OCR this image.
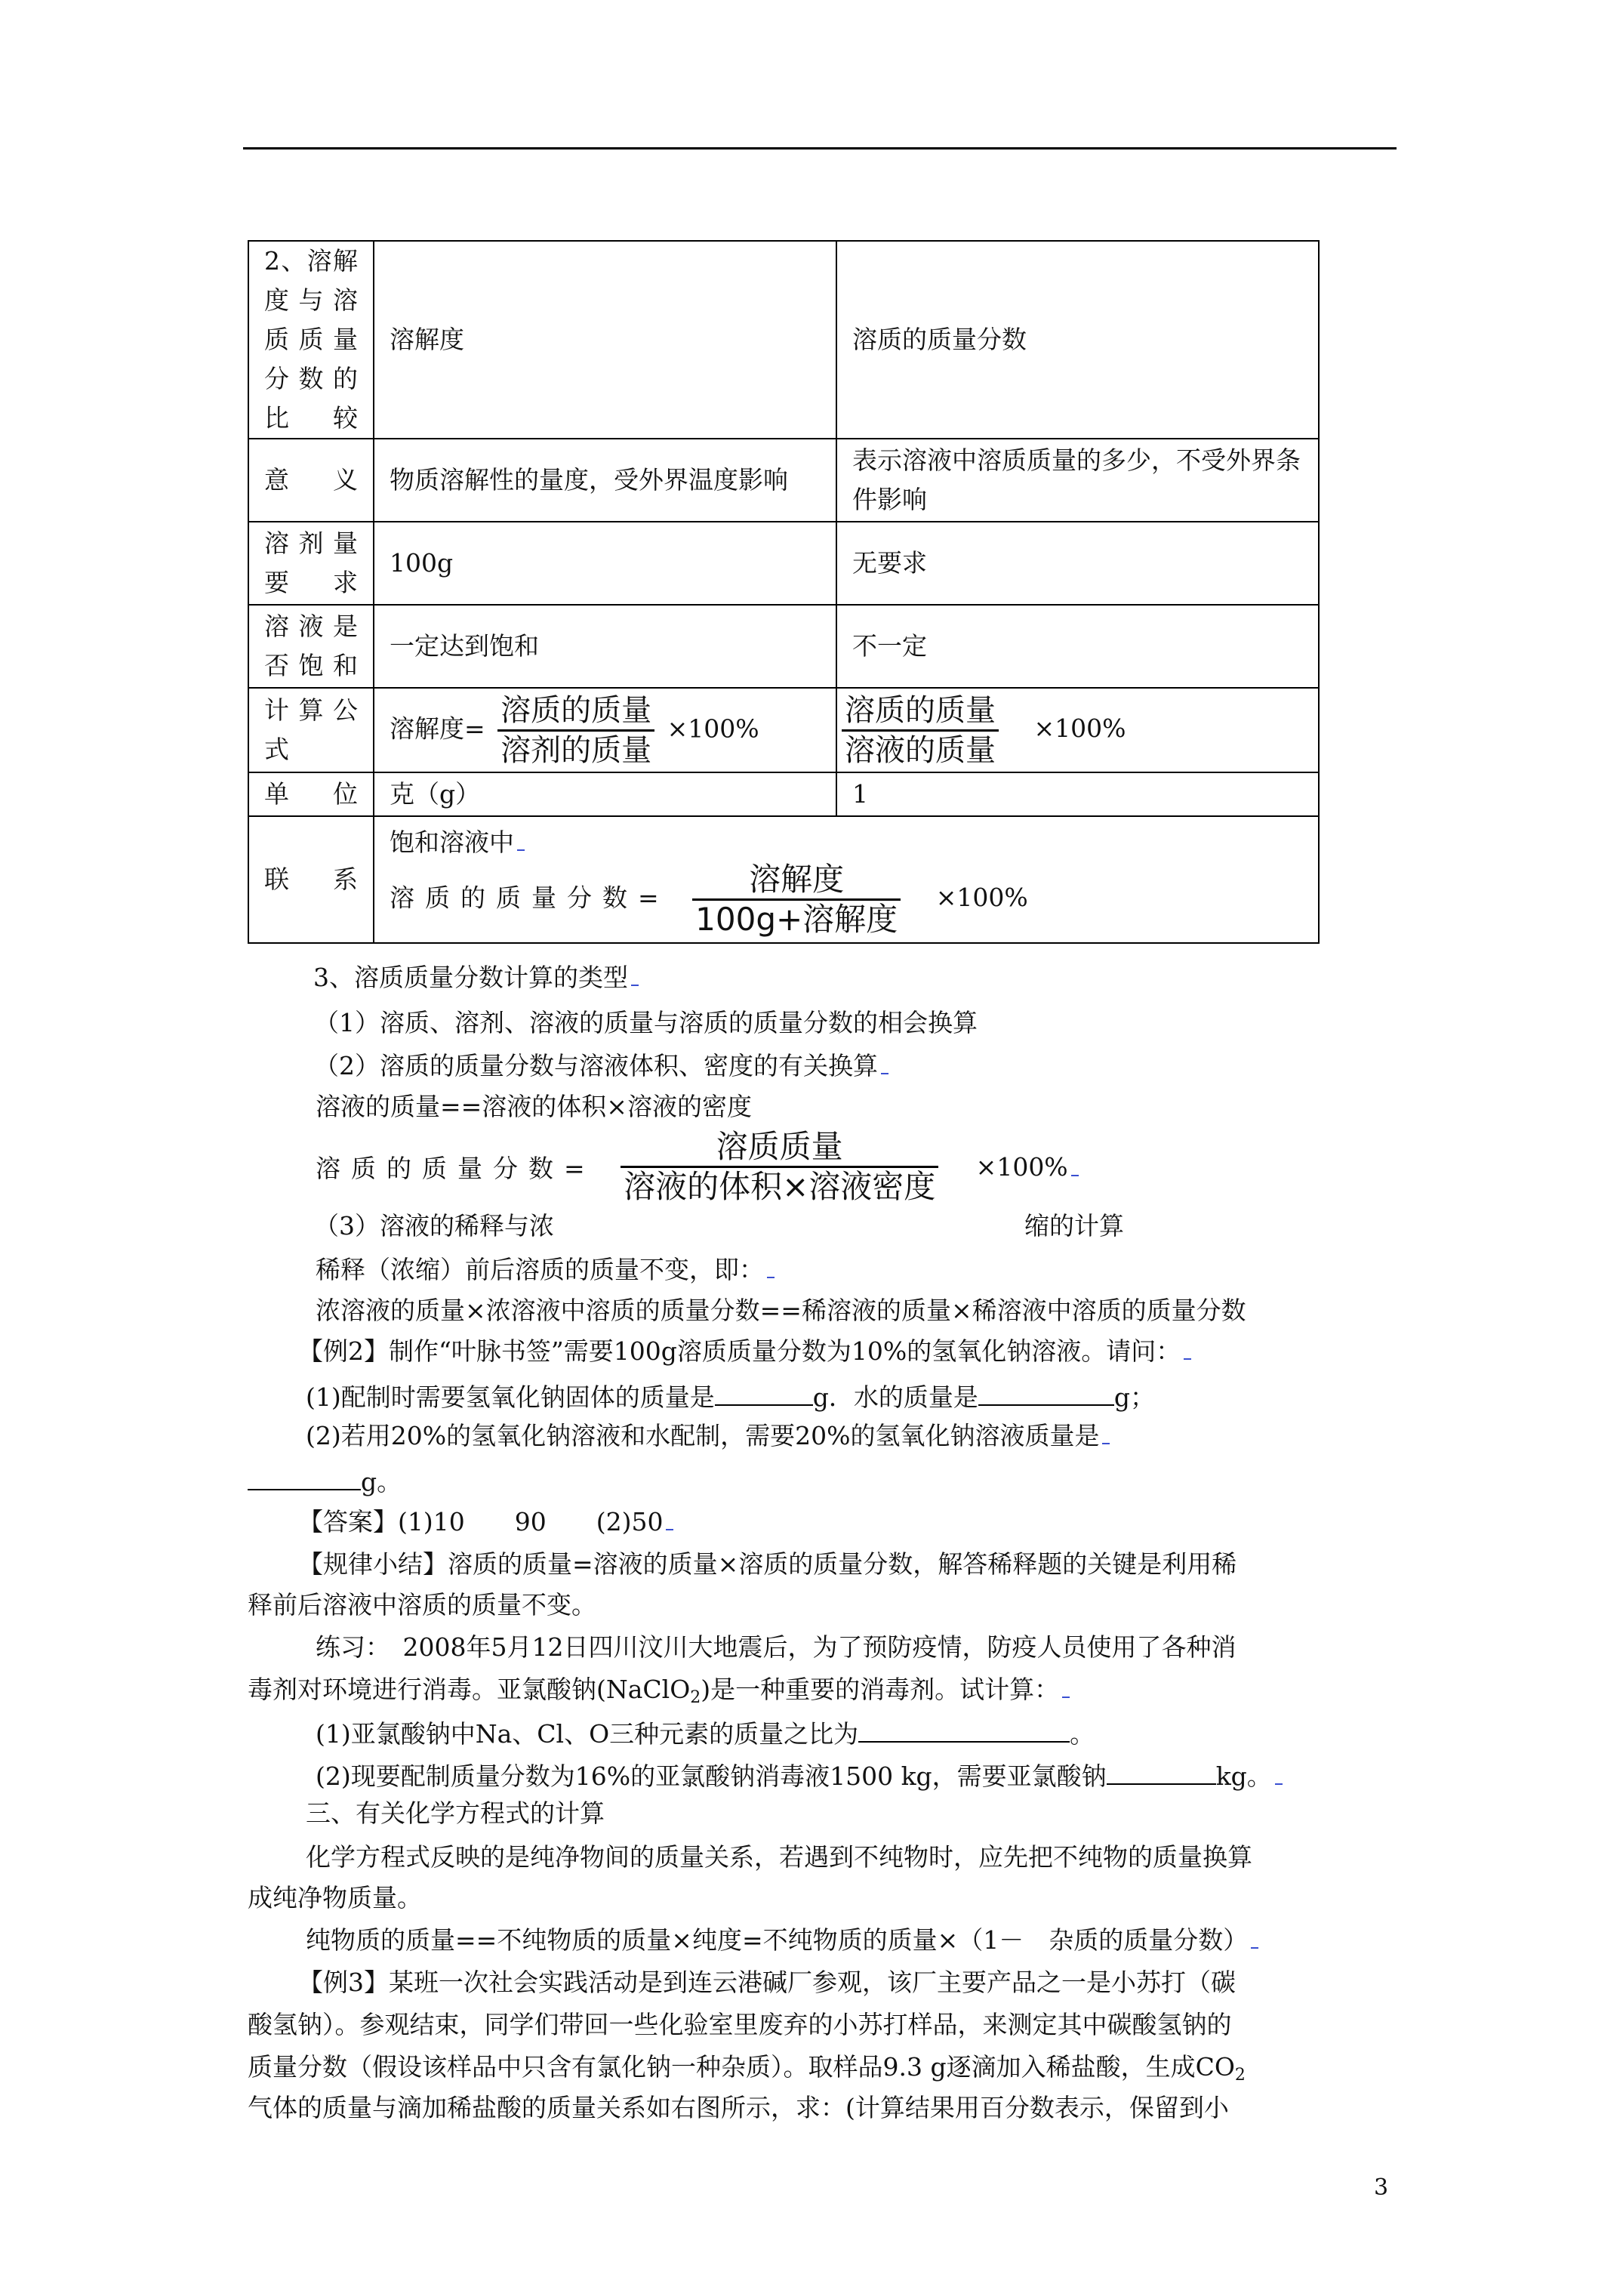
2、溶解度与溶质质量分数的比较	溶解度	溶质的质量分数
意义	物质溶解性的量度，受外界温度影响	表示溶液中溶质质量的多少，不受外界条件影响
溶剂量要求	100g	无要求
溶液是否饱和	一定达到饱和	不一定
计算公式	溶解度= $\frac{\text{溶质的质量}}{\text{溶剂的质量}} \times 100\%$	$\frac{\text{溶质的质量}}{\text{溶液的质量}} \times 100\%$
单位	克（g）	1
联系	饱和溶液中
溶质的质量分数= $\frac{\text{溶解度}}{\text{100g+溶解度}} \times 100\%$	
3、溶质质量分数计算的类型
（1）溶质、溶剂、溶液的质量与溶质的质量分数的相会换算
（2）溶质的质量分数与溶液体积、密度的有关换算
溶液的质量==溶液的体积×溶液的密度
溶质的质量分数= $\frac{\text{溶质质量}}{\text{溶液的体积×溶液密度}} \times 100\%$
（3）溶液的稀释与浓	缩的计算
稀释（浓缩）前后溶质的质量不变，即：
浓溶液的质量×浓溶液中溶质的质量分数==稀溶液的质量×稀溶液中溶质的质量分数
【例2】制作“叶脉书签”需要100g溶质质量分数为10%的氢氧化钠溶液。请问：
(1)配制时需要氢氧化钠固体的质量是	g．水的质量是	g；
(2)若用20%的氢氧化钠溶液和水配制，需要20%的氢氧化钠溶液质量是
g。
【答案】(1)10　　90　　(2)50
【规律小结】溶质的质量=溶液的质量×溶质的质量分数，解答稀释题的关键是利用稀
释前后溶液中溶质的质量不变。
练习：　2008年5月12日四川汶川大地震后，为了预防疫情，防疫人员使用了各种消
毒剂对环境进行消毒。亚氯酸钠(NaClO$_2$)是一种重要的消毒剂。试计算：
(1)亚氯酸钠中Na、Cl、O三种元素的质量之比为	。
(2)现要配制质量分数为16%的亚氯酸钠消毒液1500 kg，需要亚氯酸钠	kg。
三、有关化学方程式的计算
化学方程式反映的是纯净物间的质量关系，若遇到不纯物时，应先把不纯物的质量换算
成纯净物质量。
纯物质的质量==不纯物质的质量×纯度=不纯物质的质量×（1－　杂质的质量分数）
【例3】某班一次社会实践活动是到连云港碱厂参观，该厂主要产品之一是小苏打（碳
酸氢钠）。参观结束，同学们带回一些化验室里废弃的小苏打样品，来测定其中碳酸氢钠的
质量分数（假设该样品中只含有氯化钠一种杂质）。取样品9.3 g逐滴加入稀盐酸，生成$CO_2$
气体的质量与滴加稀盐酸的质量关系如右图所示，求：(计算结果用百分数表示，保留到小
3
